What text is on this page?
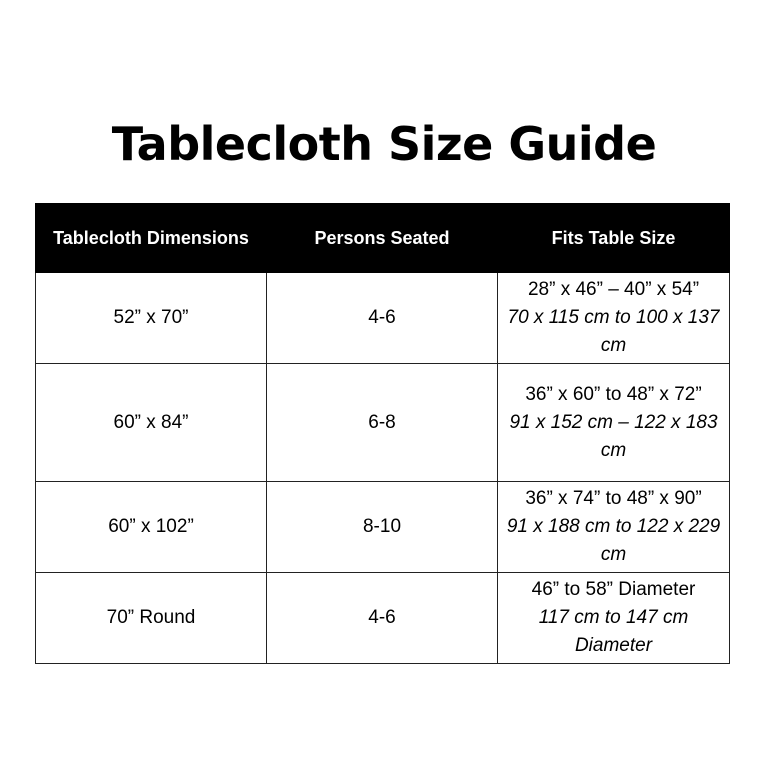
Tablecloth Size Guide
Tablecloth Dimensions	Persons Seated	Fits Table Size
52” x 70”	4-6	28” x 46” – 40” x 54”
70 x 115 cm to 100 x 137 cm

60” x 84”	6-8	36” x 60” to 48” x 72”
91 x 152 cm – 122 x 183 cm

60” x 102”	8-10	36” x 74” to 48” x 90”
91 x 188 cm to 122 x 229 cm

70” Round	4-6	46” to 58” Diameter
117 cm to 147 cm Diameter
